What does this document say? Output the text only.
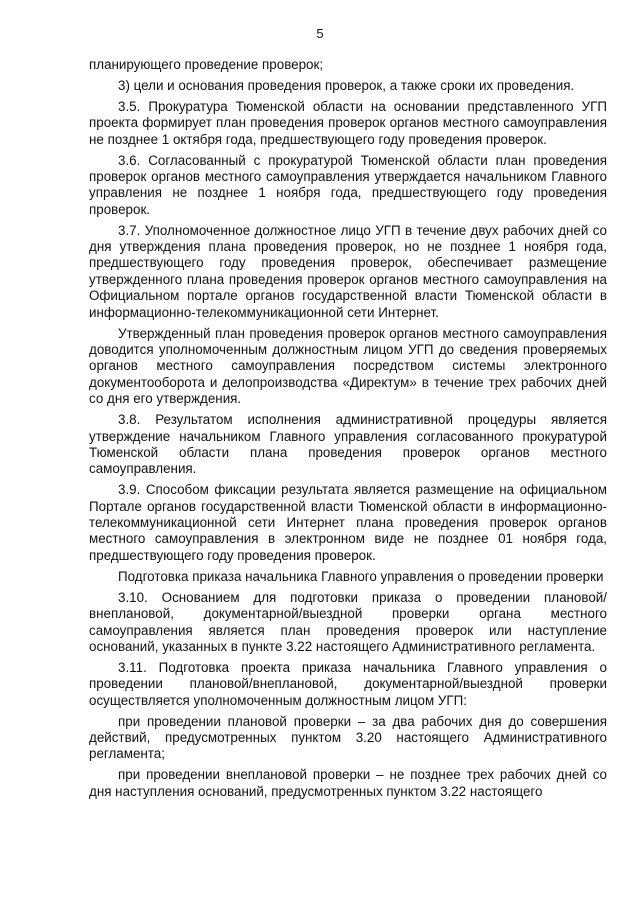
5

планирующего проведение проверок;

3) цели и основания проведения проверок, а также сроки их проведения.

3.5. Прокуратура Тюменской области на основании представленного УГП проекта формирует план проведения проверок органов местного самоуправления не позднее 1 октября года, предшествующего году проведения проверок.

3.6. Согласованный с прокуратурой Тюменской области план проведения проверок органов местного самоуправления утверждается начальником Главного управления не позднее 1 ноября года, предшествующего году проведения проверок.

3.7. Уполномоченное должностное лицо УГП в течение двух рабочих дней со дня утверждения плана проведения проверок, но не позднее 1 ноября года, предшествующего году проведения проверок, обеспечивает размещение утвержденного плана проведения проверок органов местного самоуправления на Официальном портале органов государственной власти Тюменской области в информационно-телекоммуникационной сети Интернет.

Утвержденный план проведения проверок органов местного самоуправления доводится уполномоченным должностным лицом УГП до сведения проверяемых органов местного самоуправления посредством системы электронного документооборота и делопроизводства «Директум» в течение трех рабочих дней со дня его утверждения.

3.8. Результатом исполнения административной процедуры является утверждение начальником Главного управления согласованного прокуратурой Тюменской области плана проведения проверок органов местного самоуправления.

3.9. Способом фиксации результата является размещение на официальном Портале органов государственной власти Тюменской области в информационно-телекоммуникационной сети Интернет плана проведения проверок органов местного самоуправления в электронном виде не позднее 01 ноября года, предшествующего году проведения проверок.

Подготовка приказа начальника Главного управления о проведении проверки

3.10. Основанием для подготовки приказа о проведении плановой/внеплановой, документарной/выездной проверки органа местного самоуправления является план проведения проверок или наступление оснований, указанных в пункте 3.22 настоящего Административного регламента.

3.11. Подготовка проекта приказа начальника Главного управления о проведении плановой/внеплановой, документарной/выездной проверки осуществляется уполномоченным должностным лицом УГП:

при проведении плановой проверки – за два рабочих дня до совершения действий, предусмотренных пунктом 3.20 настоящего Административного регламента;

при проведении внеплановой проверки – не позднее трех рабочих дней со дня наступления оснований, предусмотренных пунктом 3.22 настоящего
